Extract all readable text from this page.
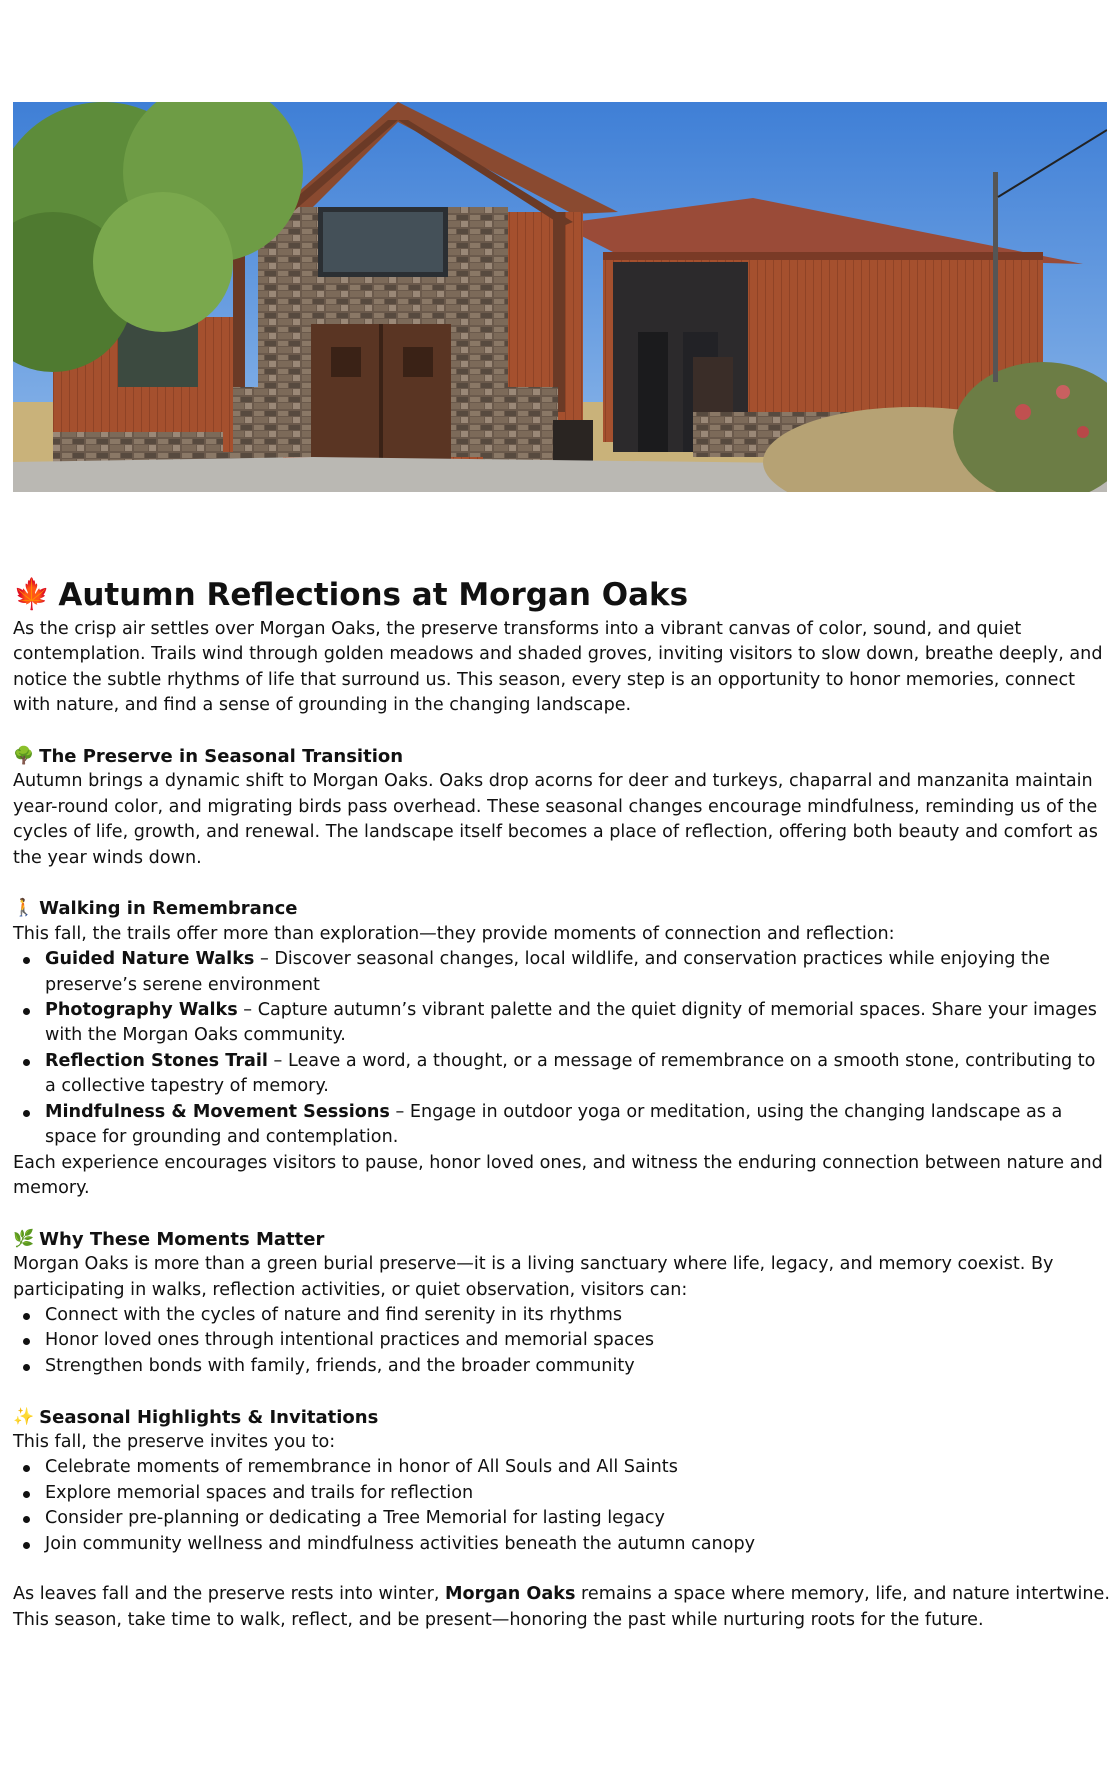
🍁 Autumn Reflections at Morgan Oaks

As the crisp air settles over Morgan Oaks, the preserve transforms into a vibrant canvas of color, sound, and quiet contemplation. Trails wind through golden meadows and shaded groves, inviting visitors to slow down, breathe deeply, and notice the subtle rhythms of life that surround us. This season, every step is an opportunity to honor memories, connect with nature, and find a sense of grounding in the changing landscape.

🌳 The Preserve in Seasonal Transition

Autumn brings a dynamic shift to Morgan Oaks. Oaks drop acorns for deer and turkeys, chaparral and manzanita maintain year-round color, and migrating birds pass overhead. These seasonal changes encourage mindfulness, reminding us of the cycles of life, growth, and renewal. The landscape itself becomes a place of reflection, offering both beauty and comfort as the year winds down.

🚶 Walking in Remembrance

This fall, the trails offer more than exploration—they provide moments of connection and reflection:

Guided Nature Walks – Discover seasonal changes, local wildlife, and conservation practices while enjoying the preserve’s serene environment
Photography Walks – Capture autumn’s vibrant palette and the quiet dignity of memorial spaces. Share your images with the Morgan Oaks community.
Reflection Stones Trail – Leave a word, a thought, or a message of remembrance on a smooth stone, contributing to a collective tapestry of memory.
Mindfulness & Movement Sessions – Engage in outdoor yoga or meditation, using the changing landscape as a space for grounding and contemplation.

Each experience encourages visitors to pause, honor loved ones, and witness the enduring connection between nature and memory.

🌿 Why These Moments Matter

Morgan Oaks is more than a green burial preserve—it is a living sanctuary where life, legacy, and memory coexist. By participating in walks, reflection activities, or quiet observation, visitors can:

Connect with the cycles of nature and find serenity in its rhythms
Honor loved ones through intentional practices and memorial spaces
Strengthen bonds with family, friends, and the broader community
✨ Seasonal Highlights & Invitations

This fall, the preserve invites you to:

Celebrate moments of remembrance in honor of All Souls and All Saints
Explore memorial spaces and trails for reflection
Consider pre-planning or dedicating a Tree Memorial for lasting legacy
Join community wellness and mindfulness activities beneath the autumn canopy

As leaves fall and the preserve rests into winter, Morgan Oaks remains a space where memory, life, and nature intertwine. This season, take time to walk, reflect, and be present—honoring the past while nurturing roots for the future.
